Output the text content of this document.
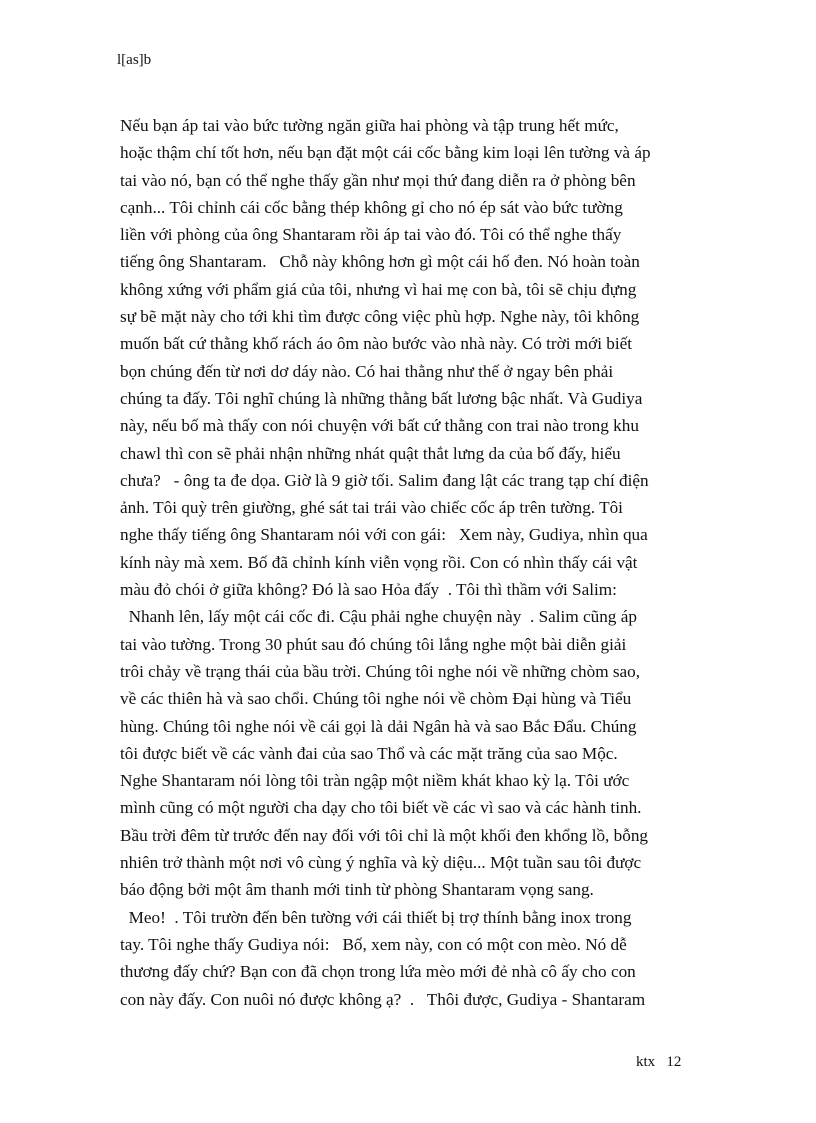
l[as]b
Nếu bạn áp tai vào bức tường ngăn giữa hai phòng và tập trung hết mức,
hoặc thậm chí tốt hơn, nếu bạn đặt một cái cốc bằng kim loại lên tường và áp
tai vào nó, bạn có thể nghe thấy gần như mọi thứ đang diễn ra ở phòng bên
cạnh... Tôi chỉnh cái cốc bằng thép không gỉ cho nó ép sát vào bức tường
liền với phòng của ông Shantaram rồi áp tai vào đó. Tôi có thể nghe thấy
tiếng ông Shantaram.   Chỗ này không hơn gì một cái hố đen. Nó hoàn toàn
không xứng với phẩm giá của tôi, nhưng vì hai mẹ con bà, tôi sẽ chịu đựng
sự bẽ mặt này cho tới khi tìm được công việc phù hợp. Nghe này, tôi không
muốn bất cứ thằng khố rách áo ôm nào bước vào nhà này. Có trời mới biết
bọn chúng đến từ nơi dơ dáy nào. Có hai thằng như thế ở ngay bên phải
chúng ta đấy. Tôi nghĩ chúng là những thằng bất lương bậc nhất. Và Gudiya
này, nếu bố mà thấy con nói chuyện với bất cứ thằng con trai nào trong khu
chawl thì con sẽ phải nhận những nhát quật thắt lưng da của bố đấy, hiểu
chưa?   - ông ta đe dọa. Giờ là 9 giờ tối. Salim đang lật các trang tạp chí điện
ảnh. Tôi quỳ trên giường, ghé sát tai trái vào chiếc cốc áp trên tường. Tôi
nghe thấy tiếng ông Shantaram nói với con gái:   Xem này, Gudiya, nhìn qua
kính này mà xem. Bố đã chỉnh kính viễn vọng rồi. Con có nhìn thấy cái vật
màu đỏ chói ở giữa không? Đó là sao Hỏa đấy  . Tôi thì thầm với Salim:
Nhanh lên, lấy một cái cốc đi. Cậu phải nghe chuyện này  . Salim cũng áp
tai vào tường. Trong 30 phút sau đó chúng tôi lắng nghe một bài diễn giải
trôi chảy về trạng thái của bầu trời. Chúng tôi nghe nói về những chòm sao,
về các thiên hà và sao chổi. Chúng tôi nghe nói về chòm Đại hùng và Tiểu
hùng. Chúng tôi nghe nói về cái gọi là dải Ngân hà và sao Bắc Đẩu. Chúng
tôi được biết về các vành đai của sao Thổ và các mặt trăng của sao Mộc.
Nghe Shantaram nói lòng tôi tràn ngập một niềm khát khao kỳ lạ. Tôi ước
mình cũng có một người cha dạy cho tôi biết về các vì sao và các hành tinh.
Bầu trời đêm từ trước đến nay đối với tôi chỉ là một khối đen khổng lồ, bỗng
nhiên trở thành một nơi vô cùng ý nghĩa và kỳ diệu... Một tuần sau tôi được
báo động bởi một âm thanh mới tinh từ phòng Shantaram vọng sang.
Meo!  . Tôi trườn đến bên tường với cái thiết bị trợ thính bằng inox trong
tay. Tôi nghe thấy Gudiya nói:   Bố, xem này, con có một con mèo. Nó dễ
thương đấy chứ? Bạn con đã chọn trong lứa mèo mới đẻ nhà cô ấy cho con
con này đấy. Con nuôi nó được không ạ?  .   Thôi được, Gudiya - Shantaram
ktx 12
